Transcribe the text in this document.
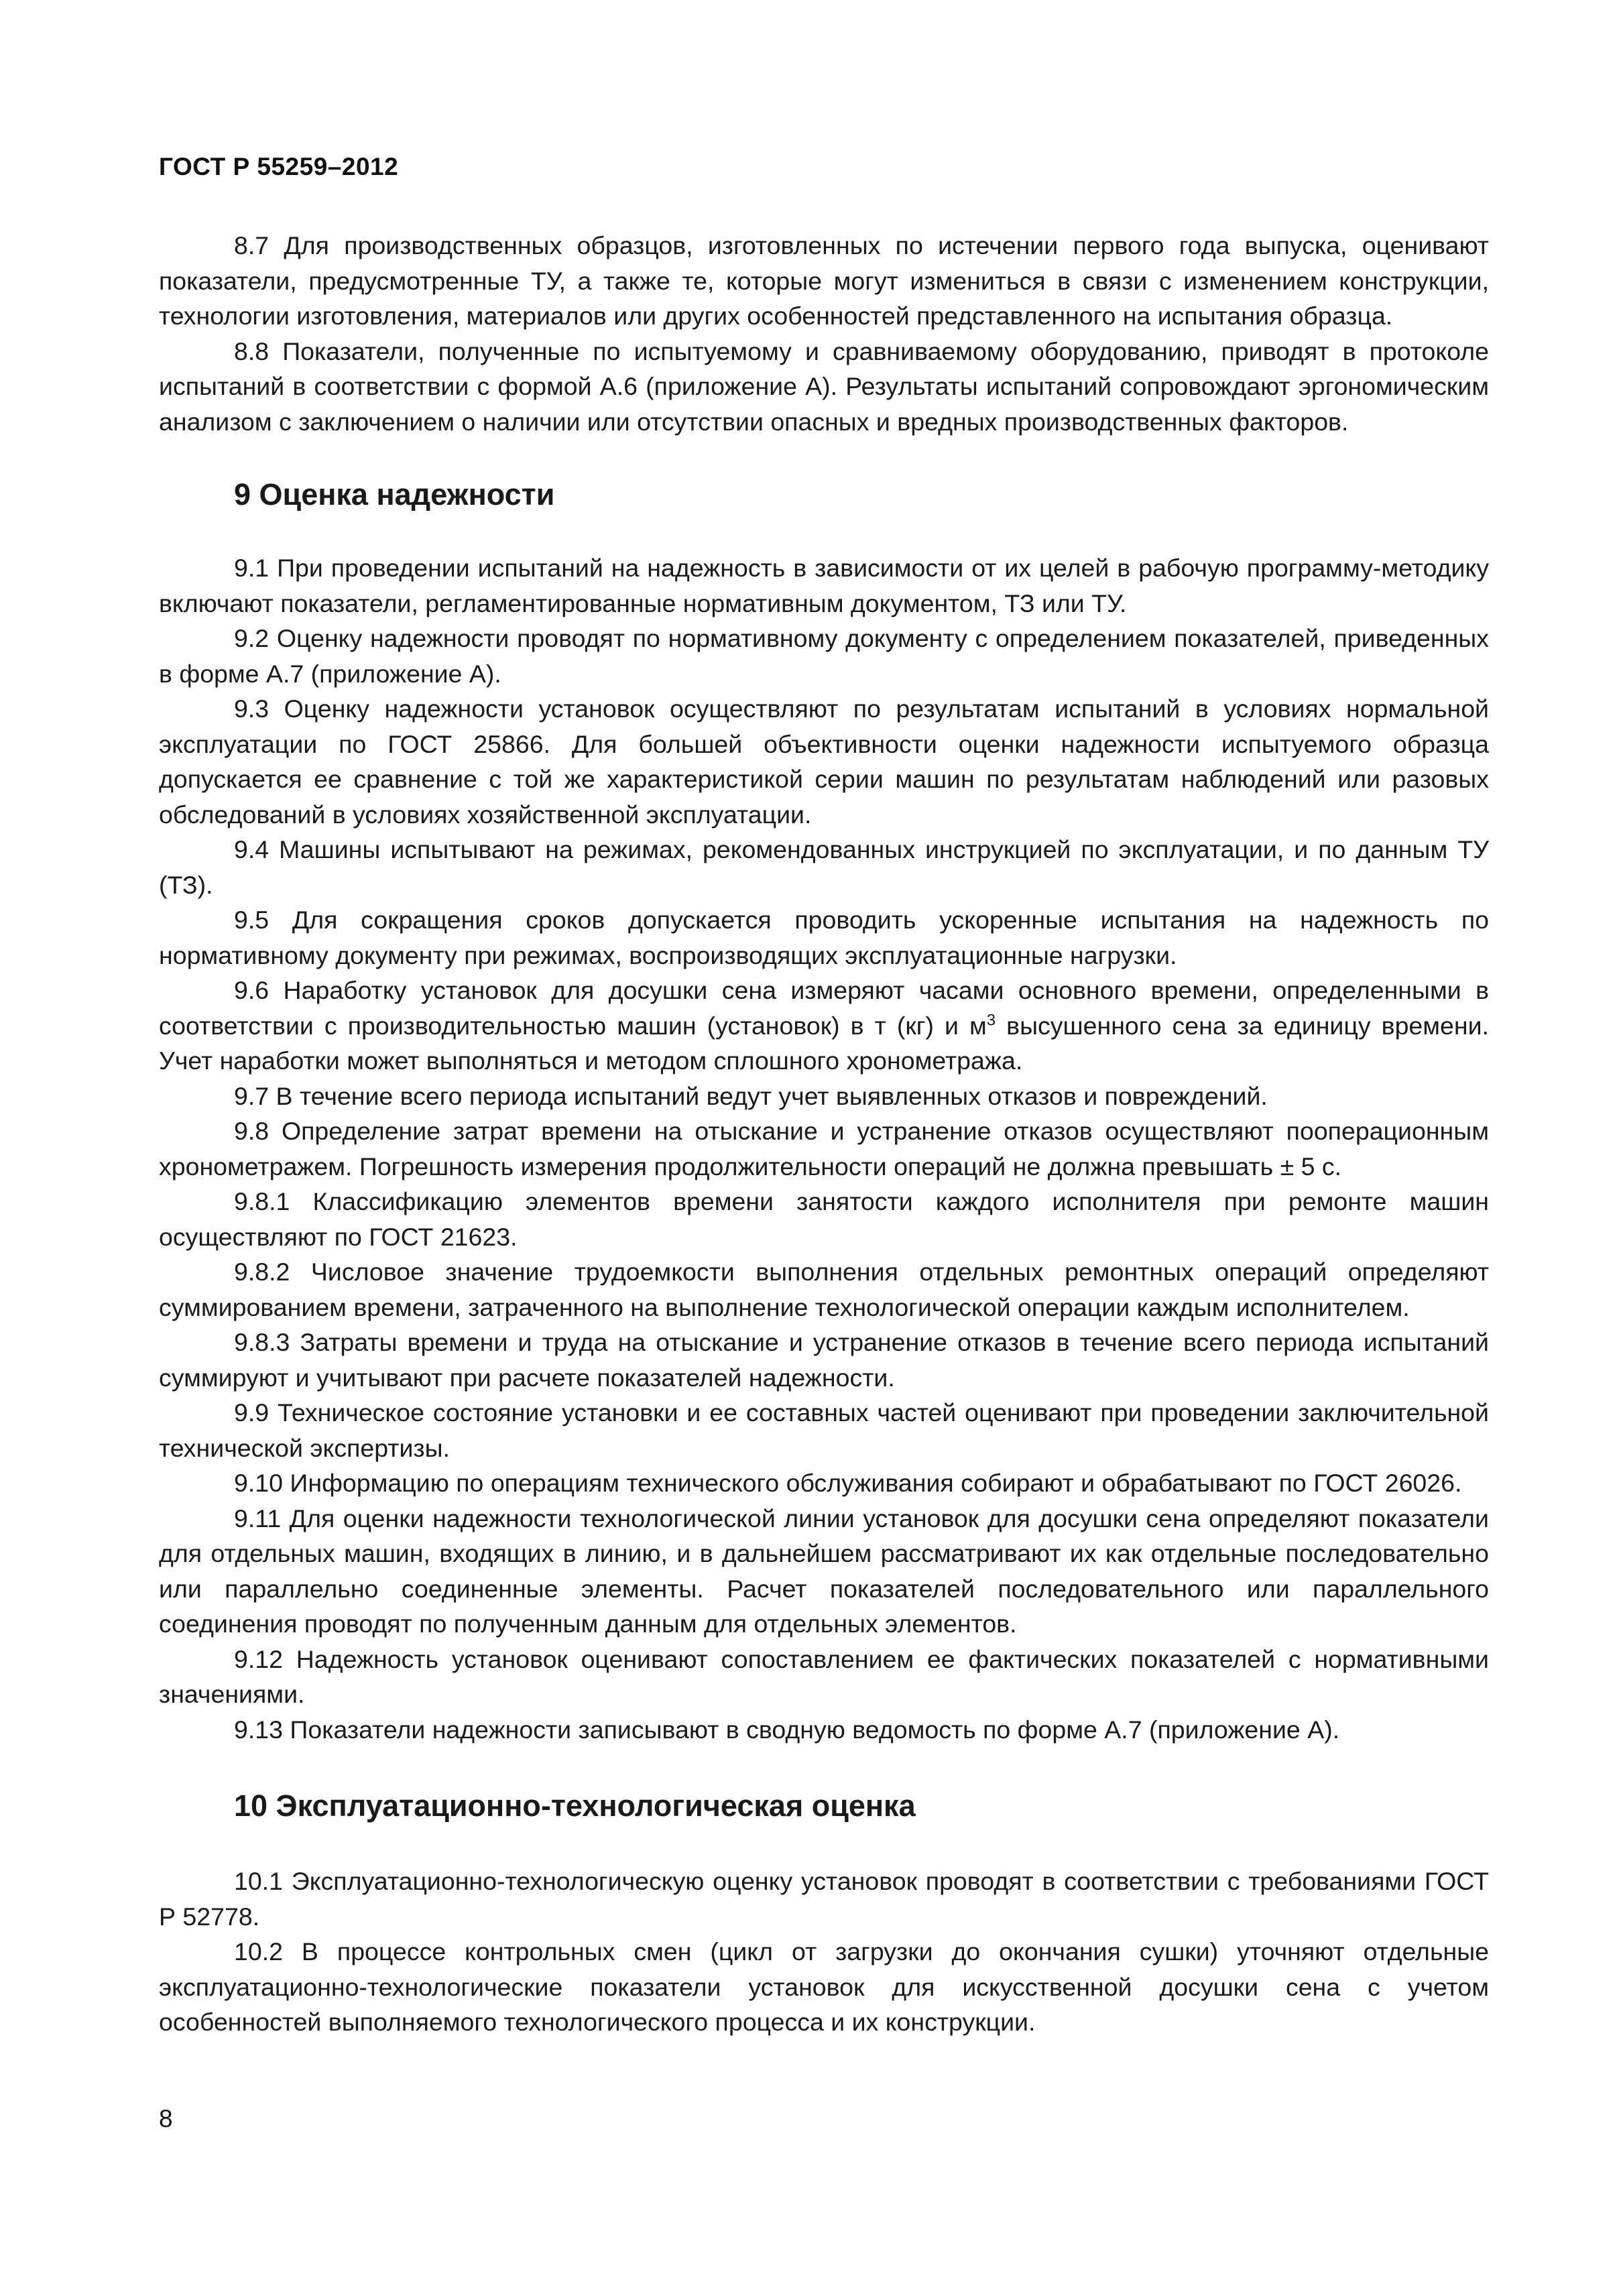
ГОСТ Р 55259–2012

8.7 Для производственных образцов, изготовленных по истечении первого года выпуска, оценивают показатели, предусмотренные ТУ, а также те, которые могут измениться в связи с изменением конструкции, технологии изготовления, материалов или других особенностей представленного на испытания образца.

8.8 Показатели, полученные по испытуемому и сравниваемому оборудованию, приводят в протоколе испытаний в соответствии с формой А.6 (приложение А). Результаты испытаний сопровождают эргономическим анализом с заключением о наличии или отсутствии опасных и вредных производственных факторов.

9 Оценка надежности

9.1 При проведении испытаний на надежность в зависимости от их целей в рабочую программу-методику включают показатели, регламентированные нормативным документом, ТЗ или ТУ.

9.2 Оценку надежности проводят по нормативному документу с определением показателей, приведенных в форме А.7 (приложение А).

9.3 Оценку надежности установок осуществляют по результатам испытаний в условиях нормальной эксплуатации по ГОСТ 25866. Для большей объективности оценки надежности испытуемого образца допускается ее сравнение с той же характеристикой серии машин по результатам наблюдений или разовых обследований в условиях хозяйственной эксплуатации.

9.4 Машины испытывают на режимах, рекомендованных инструкцией по эксплуатации, и по данным ТУ (ТЗ).

9.5 Для сокращения сроков допускается проводить ускоренные испытания на надежность по нормативному документу при режимах, воспроизводящих эксплуатационные нагрузки.

9.6 Наработку установок для досушки сена измеряют часами основного времени, определенными в соответствии с производительностью машин (установок) в т (кг) и $м^3$ высушенного сена за единицу времени. Учет наработки может выполняться и методом сплошного хронометража.

9.7 В течение всего периода испытаний ведут учет выявленных отказов и повреждений.

9.8 Определение затрат времени на отыскание и устранение отказов осуществляют пооперационным хронометражем. Погрешность измерения продолжительности операций не должна превышать ± 5 с.

9.8.1 Классификацию элементов времени занятости каждого исполнителя при ремонте машин осуществляют по ГОСТ 21623.

9.8.2 Числовое значение трудоемкости выполнения отдельных ремонтных операций определяют суммированием времени, затраченного на выполнение технологической операции каждым исполнителем.

9.8.3 Затраты времени и труда на отыскание и устранение отказов в течение всего периода испытаний суммируют и учитывают при расчете показателей надежности.

9.9 Техническое состояние установки и ее составных частей оценивают при проведении заключительной технической экспертизы.

9.10 Информацию по операциям технического обслуживания собирают и обрабатывают по ГОСТ 26026.

9.11 Для оценки надежности технологической линии установок для досушки сена определяют показатели для отдельных машин, входящих в линию, и в дальнейшем рассматривают их как отдельные последовательно или параллельно соединенные элементы. Расчет показателей последовательного или параллельного соединения проводят по полученным данным для отдельных элементов.

9.12 Надежность установок оценивают сопоставлением ее фактических показателей с нормативными значениями.

9.13 Показатели надежности записывают в сводную ведомость по форме А.7 (приложение А).

10 Эксплуатационно-технологическая оценка

10.1 Эксплуатационно-технологическую оценку установок проводят в соответствии с требованиями ГОСТ Р 52778.

10.2 В процессе контрольных смен (цикл от загрузки до окончания сушки) уточняют отдельные эксплуатационно-технологические показатели установок для искусственной досушки сена с учетом особенностей выполняемого технологического процесса и их конструкции.

8
